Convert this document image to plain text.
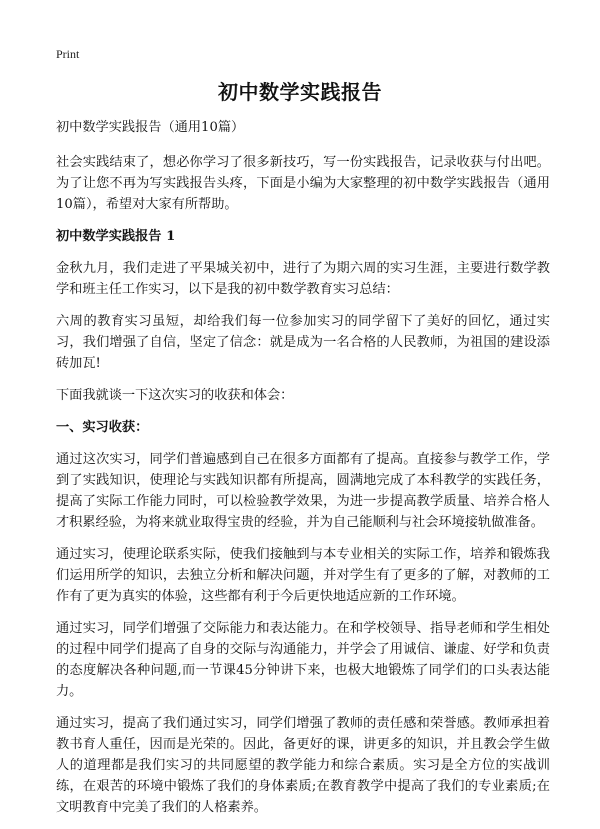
Print
初中数学实践报告

初中数学实践报告（通用10篇）

社会实践结束了，想必你学习了很多新技巧，写一份实践报告，记录收获与付出吧。为了让您不再为写实践报告头疼，下面是小编为大家整理的初中数学实践报告（通用10篇），希望对大家有所帮助。

初中数学实践报告 1

金秋九月，我们走进了平果城关初中，进行了为期六周的实习生涯，主要进行数学教学和班主任工作实习，以下是我的初中数学教育实习总结：

六周的教育实习虽短，却给我们每一位参加实习的同学留下了美好的回忆，通过实习，我们增强了自信，坚定了信念：就是成为一名合格的人民教师，为祖国的建设添砖加瓦!

下面我就谈一下这次实习的收获和体会：

一、实习收获：

通过这次实习，同学们普遍感到自己在很多方面都有了提高。直接参与教学工作，学到了实践知识，使理论与实践知识都有所提高，圆满地完成了本科教学的实践任务，提高了实际工作能力同时，可以检验教学效果，为进一步提高教学质量、培养合格人才积累经验，为将来就业取得宝贵的经验，并为自己能顺利与社会环境接轨做准备。

通过实习，使理论联系实际，使我们接触到与本专业相关的实际工作，培养和锻炼我们运用所学的知识，去独立分析和解决问题，并对学生有了更多的了解，对教师的工作有了更为真实的体验，这些都有利于今后更快地适应新的工作环境。

通过实习，同学们增强了交际能力和表达能力。在和学校领导、指导老师和学生相处的过程中同学们提高了自身的交际与沟通能力，并学会了用诚信、谦虚、好学和负责的态度解决各种问题,而一节课45分钟讲下来，也极大地锻炼了同学们的口头表达能力。

通过实习，提高了我们通过实习，同学们增强了教师的责任感和荣誉感。教师承担着教书育人重任，因而是光荣的。因此，备更好的课，讲更多的知识，并且教会学生做人的道理都是我们实习的共同愿望的教学能力和综合素质。实习是全方位的实战训练，在艰苦的环境中锻炼了我们的身体素质;在教育教学中提高了我们的专业素质;在文明教育中完美了我们的人格素养。
